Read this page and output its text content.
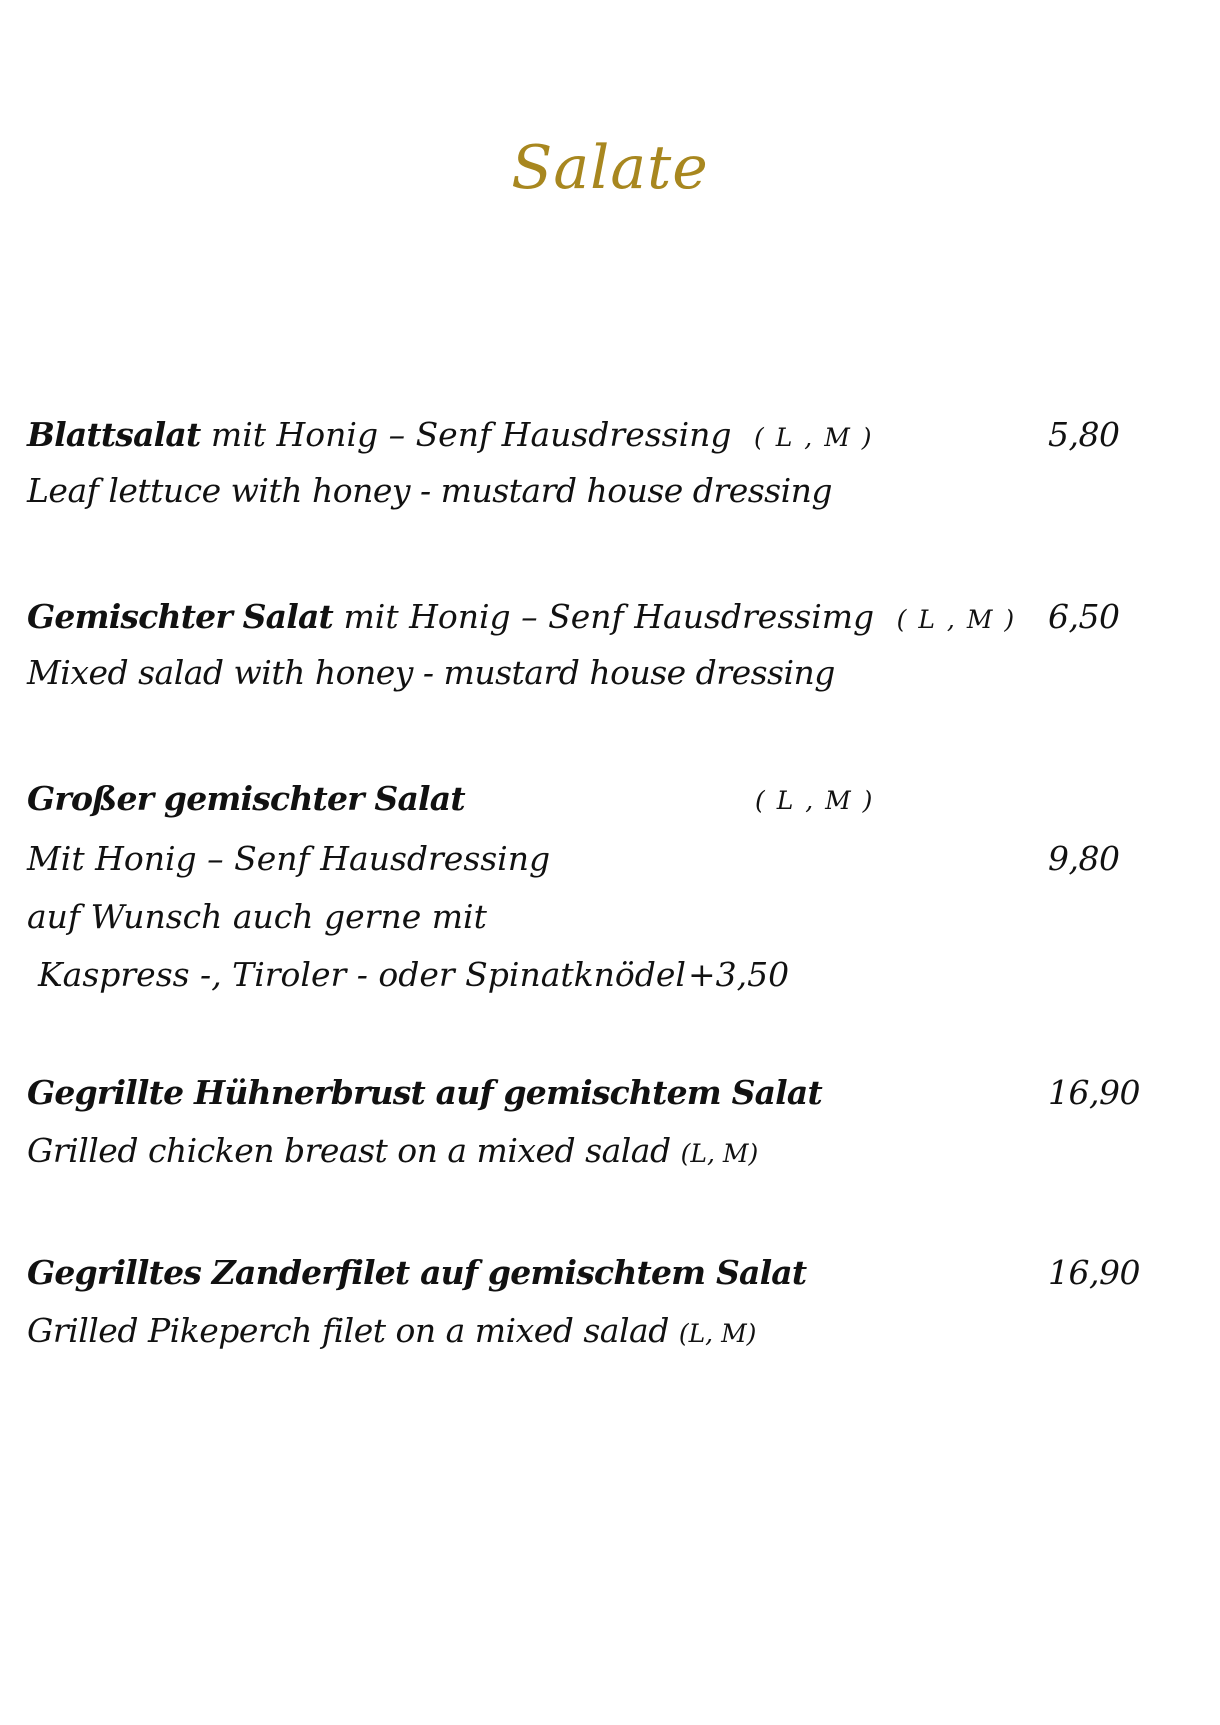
Salate
Blattsalat mit Honig – Senf Hausdressing ( L , M )
Leaf lettuce with honey - mustard house dressing
5,80
Gemischter Salat mit Honig – Senf Hausdressimg ( L , M )
Mixed salad with honey - mustard house dressing
6,50
Großer gemischter Salat	( L , M )
Mit Honig – Senf Hausdressing	9,80
auf Wunsch auch gerne mit
Kaspress -, Tiroler - oder Spinatknödel +3,50
Gegrillte Hühnerbrust auf gemischtem Salat
Grilled chicken breast on a mixed salad (L, M)
16,90
Gegrilltes Zanderfilet auf gemischtem Salat
Grilled Pikeperch filet on a mixed salad (L, M)
16,90
